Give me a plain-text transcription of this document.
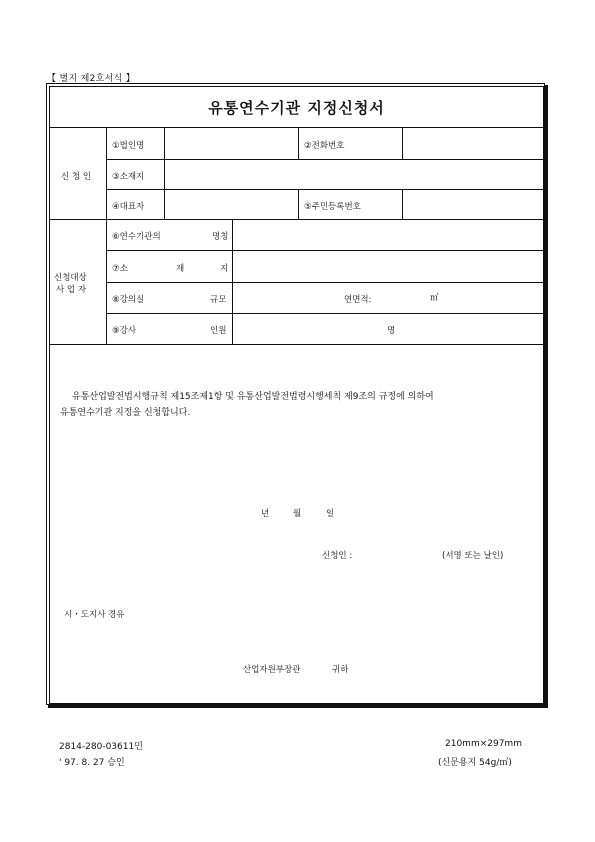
【 별지 제2호서식 】
유통연수기관 지정신청서
신 청 인
①법인명	②전화번호
③소재지
④대표자	⑤주민등록번호
신청대상
사 업 자
⑥연수기관의	명칭
⑦소	재	지
⑧강의실	규모	연면적:	㎡
⑨강사	인원	명
유통산업발전법시행규칙 제15조제1항 및 유통산업발전법령시행세칙 제9조의 규정에 의하여
유통연수기관 지정을 신청합니다.
년	월	일
신청인 :	(서명 또는 날인)
시・도지사 경유
산업자원부장관	귀하
2814-280-03611민
' 97. 8. 27 승인
210mm×297mm
(신문용지 54g/㎡)
